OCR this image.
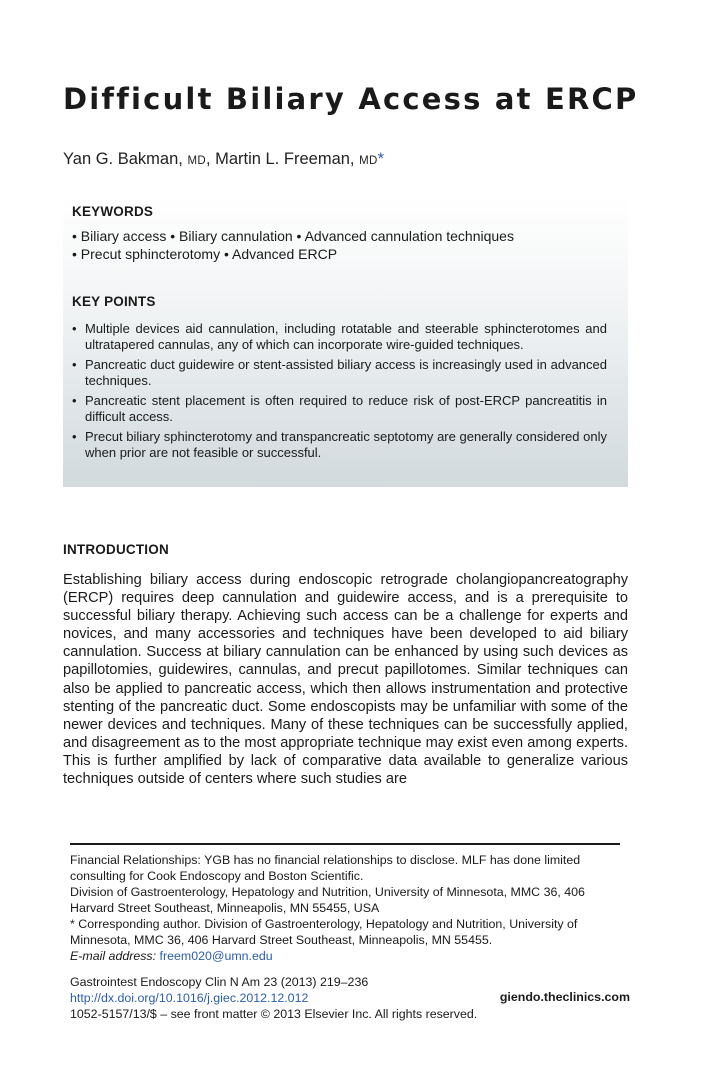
Difficult Biliary Access at ERCP
Yan G. Bakman, MD, Martin L. Freeman, MD*
KEYWORDS
• Biliary access • Biliary cannulation • Advanced cannulation techniques
• Precut sphincterotomy • Advanced ERCP
KEY POINTS
• Multiple devices aid cannulation, including rotatable and steerable sphincterotomes and ultratapered cannulas, any of which can incorporate wire-guided techniques.
• Pancreatic duct guidewire or stent-assisted biliary access is increasingly used in advanced techniques.
• Pancreatic stent placement is often required to reduce risk of post-ERCP pancreatitis in difficult access.
• Precut biliary sphincterotomy and transpancreatic septotomy are generally considered only when prior are not feasible or successful.
INTRODUCTION

Establishing biliary access during endoscopic retrograde cholangiopancreatography (ERCP) requires deep cannulation and guidewire access, and is a prerequisite to successful biliary therapy. Achieving such access can be a challenge for experts and novices, and many accessories and techniques have been developed to aid biliary cannulation. Success at biliary cannulation can be enhanced by using such devices as papillotomies, guidewires, cannulas, and precut papillotomes. Similar techniques can also be applied to pancreatic access, which then allows instrumentation and protective stenting of the pancreatic duct. Some endoscopists may be unfamiliar with some of the newer devices and techniques. Many of these techniques can be successfully applied, and disagreement as to the most appropriate technique may exist even among experts. This is further amplified by lack of comparative data available to generalize various techniques outside of centers where such studies are

Financial Relationships: YGB has no financial relationships to disclose. MLF has done limited consulting for Cook Endoscopy and Boston Scientific.

Division of Gastroenterology, Hepatology and Nutrition, University of Minnesota, MMC 36, 406 Harvard Street Southeast, Minneapolis, MN 55455, USA

* Corresponding author. Division of Gastroenterology, Hepatology and Nutrition, University of Minnesota, MMC 36, 406 Harvard Street Southeast, Minneapolis, MN 55455.

E-mail address: freem020@umn.edu

Gastrointest Endoscopy Clin N Am 23 (2013) 219–236

http://dx.doi.org/10.1016/j.giec.2012.12.012

1052-5157/13/$ – see front matter © 2013 Elsevier Inc. All rights reserved.

giendo.theclinics.com
